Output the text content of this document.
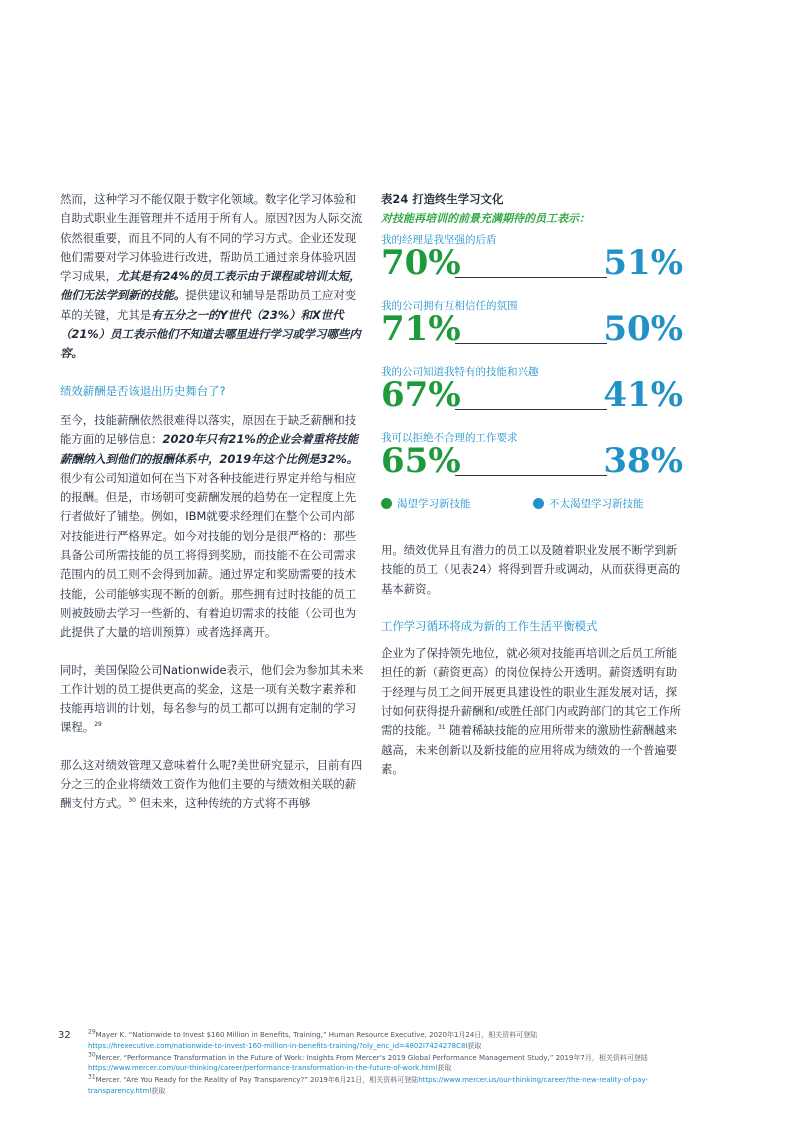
然而，这种学习不能仅限于数字化领域。数字化学习体验和自助式职业生涯管理并不适用于所有人。原因?因为人际交流依然很重要，而且不同的人有不同的学习方式。企业还发现他们需要对学习体验进行改进，帮助员工通过亲身体验巩固学习成果，尤其是有24%的员工表示由于课程或培训太短，他们无法学到新的技能。提供建议和辅导是帮助员工应对变革的关键，尤其是有五分之一的Y世代（23%）和X世代（21%）员工表示他们不知道去哪里进行学习或学习哪些内容。

绩效薪酬是否该退出历史舞台了?

至今，技能薪酬依然很难得以落实，原因在于缺乏薪酬和技能方面的足够信息：2020年只有21%的企业会着重将技能薪酬纳入到他们的报酬体系中，2019年这个比例是32%。很少有公司知道如何在当下对各种技能进行界定并给与相应的报酬。但是，市场朝可变薪酬发展的趋势在一定程度上先行者做好了铺垫。例如，IBM就要求经理们在整个公司内部对技能进行严格界定。如今对技能的划分是很严格的：那些具备公司所需技能的员工将得到奖励，而技能不在公司需求范围内的员工则不会得到加薪。通过界定和奖励需要的技术技能，公司能够实现不断的创新。那些拥有过时技能的员工则被鼓励去学习一些新的、有着迫切需求的技能（公司也为此提供了大量的培训预算）或者选择离开。

同时，美国保险公司Nationwide表示，他们会为参加其未来工作计划的员工提供更高的奖金，这是一项有关数字素养和技能再培训的计划，每名参与的员工都可以拥有定制的学习课程。$^{29}$

那么这对绩效管理又意味着什么呢?美世研究显示，目前有四分之三的企业将绩效工资作为他们主要的与绩效相关联的薪酬支付方式。$^{30}$ 但未来，这种传统的方式将不再够

表24 打造终生学习文化
对技能再培训的前景充满期待的员工表示：
我的经理是我坚强的后盾
70%	51%
我的公司拥有互相信任的氛围
71%	50%
我的公司知道我特有的技能和兴趣
67%	41%
我可以拒绝不合理的工作要求
65%	38%
渴望学习新技能	不太渴望学习新技能

用。绩效优异且有潜力的员工以及随着职业发展不断学到新技能的员工（见表24）将得到晋升或调动，从而获得更高的基本薪资。

工作学习循环将成为新的工作生活平衡模式

企业为了保持领先地位，就必须对技能再培训之后员工所能担任的新（薪资更高）的岗位保持公开透明。薪资透明有助于经理与员工之间开展更具建设性的职业生涯发展对话，探讨如何获得提升薪酬和/或胜任部门内或跨部门的其它工作所需的技能。$^{31}$ 随着稀缺技能的应用所带来的激励性薪酬越来越高，未来创新以及新技能的应用将成为绩效的一个普遍要素。

32	$^{29}$Mayer K. “Nationwide to Invest $160 Million in Benefits, Training,” Human Resource Executive, 2020年1月24日，相关资料可登陆
https://hrexecutive.com/nationwide-to-invest-160-million-in-benefits-training/?oly_enc_id=4802I7424278C8I获取

$^{30}$Mercer. “Performance Transformation in the Future of Work: Insights From Mercer’s 2019 Global Performance Management Study,” 2019年7月，相关资料可登陆
https://www.mercer.com/our-thinking/career/performance-transformation-in-the-future-of-work.html获取

$^{31}$Mercer. “Are You Ready for the Reality of Pay Transparency?” 2019年6月21日，相关资料可登陆https://www.mercer.us/our-thinking/career/the-new-reality-of-pay-transparency.html获取
